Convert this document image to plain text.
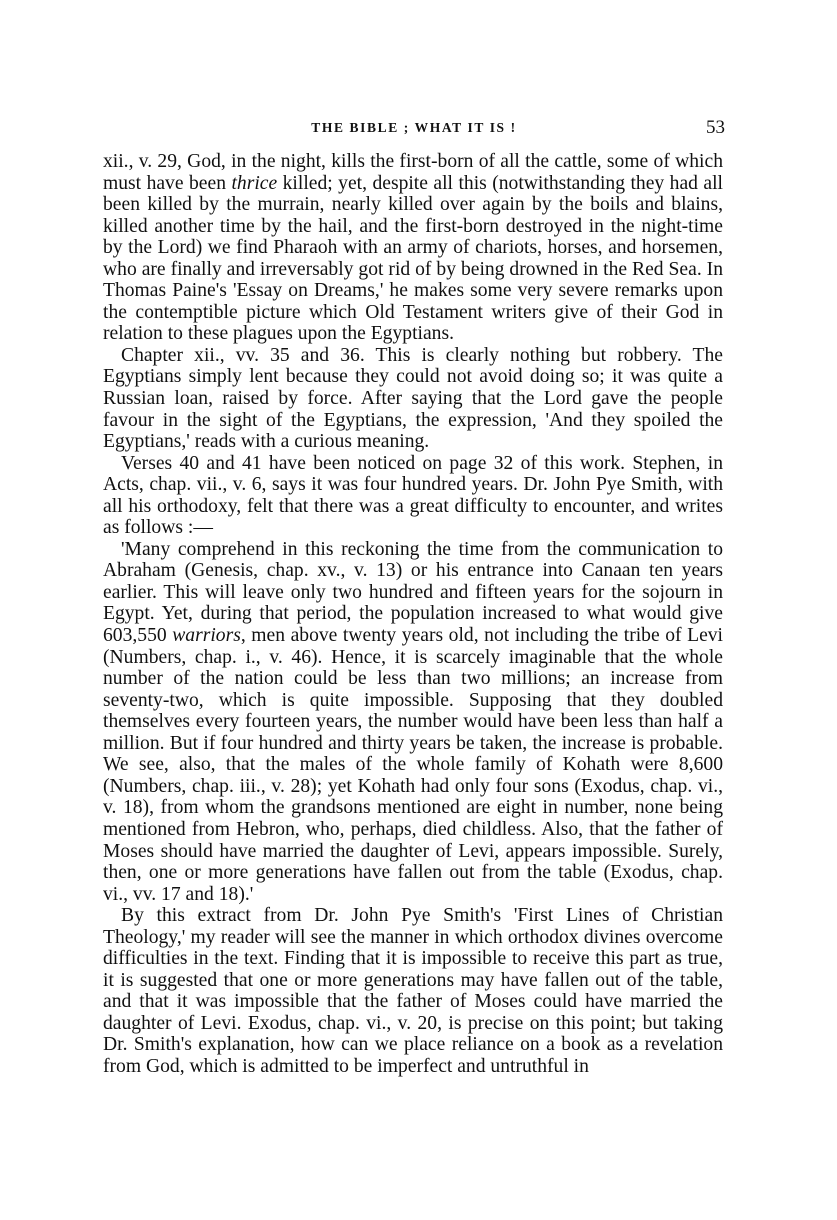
THE BIBLE ; WHAT IT IS !	53

xii., v. 29, God, in the night, kills the first-born of all the cattle, some of which must have been thrice killed; yet, despite all this (notwithstanding they had all been killed by the murrain, nearly killed over again by the boils and blains, killed another time by the hail, and the first-born destroyed in the night-time by the Lord) we find Pharaoh with an army of chariots, horses, and horsemen, who are finally and irreversably got rid of by being drowned in the Red Sea. In Thomas Paine's 'Essay on Dreams,' he makes some very severe remarks upon the contemptible picture which Old Testament writers give of their God in relation to these plagues upon the Egyptians.

Chapter xii., vv. 35 and 36. This is clearly nothing but robbery. The Egyptians simply lent because they could not avoid doing so; it was quite a Russian loan, raised by force. After saying that the Lord gave the people favour in the sight of the Egyptians, the expression, 'And they spoiled the Egyptians,' reads with a curious meaning.

Verses 40 and 41 have been noticed on page 32 of this work. Stephen, in Acts, chap. vii., v. 6, says it was four hundred years. Dr. John Pye Smith, with all his orthodoxy, felt that there was a great difficulty to encounter, and writes as follows :—

'Many comprehend in this reckoning the time from the communication to Abraham (Genesis, chap. xv., v. 13) or his entrance into Canaan ten years earlier. This will leave only two hundred and fifteen years for the sojourn in Egypt. Yet, during that period, the population increased to what would give 603,550 warriors, men above twenty years old, not including the tribe of Levi (Numbers, chap. i., v. 46). Hence, it is scarcely imaginable that the whole number of the nation could be less than two millions; an increase from seventy-two, which is quite impossible. Supposing that they doubled themselves every fourteen years, the number would have been less than half a million. But if four hundred and thirty years be taken, the increase is probable. We see, also, that the males of the whole family of Kohath were 8,600 (Numbers, chap. iii., v. 28); yet Kohath had only four sons (Exodus, chap. vi., v. 18), from whom the grandsons mentioned are eight in number, none being mentioned from Hebron, who, perhaps, died childless. Also, that the father of Moses should have married the daughter of Levi, appears impossible. Surely, then, one or more generations have fallen out from the table (Exodus, chap. vi., vv. 17 and 18).'

By this extract from Dr. John Pye Smith's 'First Lines of Christian Theology,' my reader will see the manner in which orthodox divines overcome difficulties in the text. Finding that it is impossible to receive this part as true, it is suggested that one or more generations may have fallen out of the table, and that it was impossible that the father of Moses could have married the daughter of Levi. Exodus, chap. vi., v. 20, is precise on this point; but taking Dr. Smith's explanation, how can we place reliance on a book as a revelation from God, which is admitted to be imperfect and untruthful in
